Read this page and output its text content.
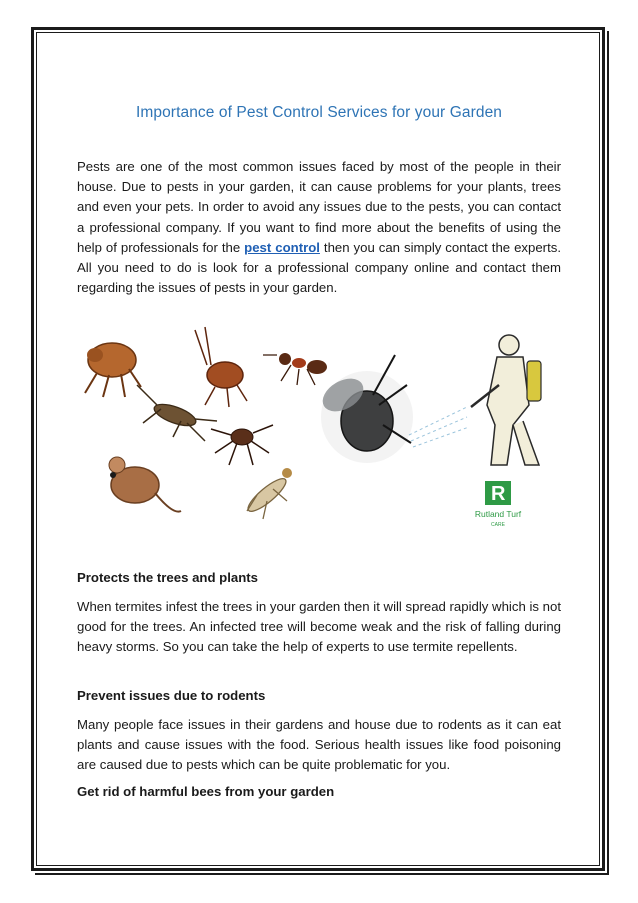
Importance of Pest Control Services for your Garden

Pests are one of the most common issues faced by most of the people in their house. Due to pests in your garden, it can cause problems for your plants, trees and even your pets. In order to avoid any issues due to the pests, you can contact a professional company. If you want to find more about the benefits of using the help of professionals for the pest control then you can simply contact the experts. All you need to do is look for a professional company online and contact them regarding the issues of pests in your garden.

R
Rutland Turf
CARE

Protects the trees and plants

When termites infest the trees in your garden then it will spread rapidly which is not good for the trees. An infected tree will become weak and the risk of falling during heavy storms. So you can take the help of experts to use termite repellents.

Prevent issues due to rodents

Many people face issues in their gardens and house due to rodents as it can eat plants and cause issues with the food. Serious health issues like food poisoning are caused due to pests which can be quite problematic for you.

Get rid of harmful bees from your garden
